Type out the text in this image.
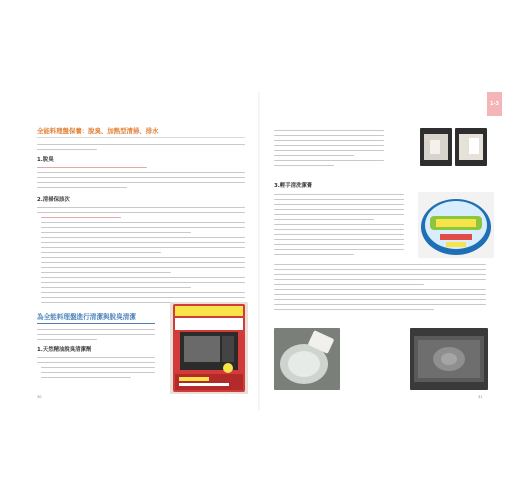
全能料理盤保養：脫臭、加熱型清掃、排水
1.脫臭
2.清掃保該次
為全能料理盤進行清潔與脫臭清潔
1.天然精油脫臭清潔劑
30
3.輕手清洗潔膏
31
1-3
